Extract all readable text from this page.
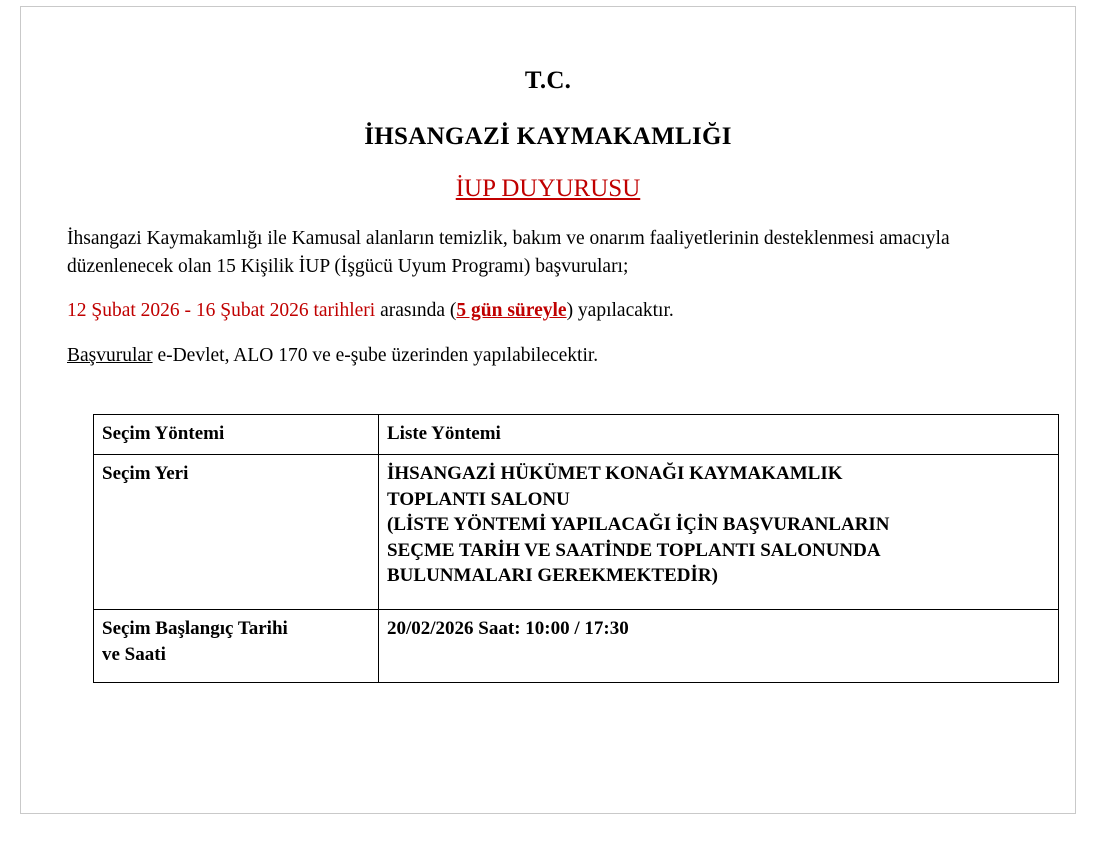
T.C.
İHSANGAZİ KAYMAKAMLIĞI
İUP DUYURUSU

İhsangazi Kaymakamlığı ile Kamusal alanların temizlik, bakım ve onarım faaliyetlerinin desteklenmesi amacıyla düzenlenecek olan 15 Kişilik İUP (İşgücü Uyum Programı) başvuruları;

12 Şubat 2026 - 16 Şubat 2026 tarihleri arasında (5 gün süreyle) yapılacaktır.

Başvurular e-Devlet, ALO 170 ve e-şube üzerinden yapılabilecektir.

Seçim Yöntemi	Liste Yöntemi

Seçim Yeri	İHSANGAZİ HÜKÜMET KONAĞI KAYMAKAMLIK
TOPLANTI SALONU
(LİSTE YÖNTEMİ YAPILACAĞI İÇİN BAŞVURANLARIN
SEÇME TARİH VE SAATİNDE TOPLANTI SALONUNDA
BULUNMALARI GEREKMEKTEDİR)

Seçim Başlangıç Tarihi
ve Saati	20/02/2026 Saat: 10:00 / 17:30
